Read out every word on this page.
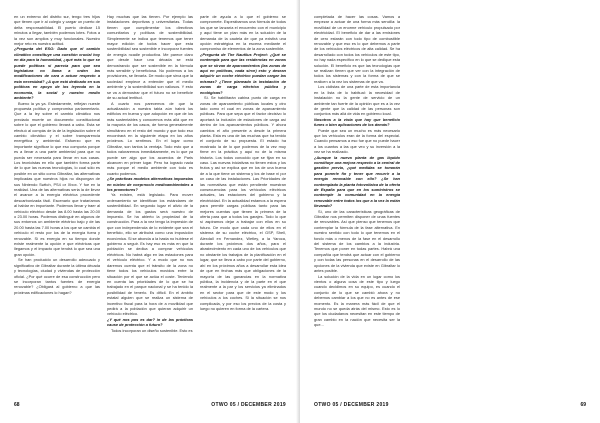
en un extremo del distrito sur, tengo tres hijos que tienen que ir al colegio y cargar un puerto de delta responsabilidad. El puerto dedicar 15 minutos a llegar, también podemos lotes. Fotos a la vez son amplios y muy funcionales. Nuestro mejor reto es nuestra actitud.

¿Pregunta del ESG: Dado que el cambio climático constituye una cuestión crucial hoy en día para la humanidad, ¿qué más lo que se puede políticas si parecía para que sea legislatura no llama a orden las modificaciones de cara a actuar respecto a esta necesidad? ¿A que está dedicado en sus políticas en apoyo de los leyenda en la economía, la social y nuestro medio ambiente?

Bueno la ya ya. Estedamente, reflejan nueste propuesta política y compromiso parlamentario. Que a la ley sobre el cambio climático nos preciado muerte un documento constitucional sobre lo que el gobierno llevará a cabo. Esta se efectuó al compás de la de la legislación sobre el cambio climático y el sobre transparencia energética y ambiental. Esfuerzo que es importante significar lo que eso comporta porque es a llevar a una parte ambiental para que no pueda ser necesaria para llevar en sus casas. Los tecnicistas en ello que también forma parte de lo que las nuevas tecnologías, lo cual sólo es posible en un sitio como Gibraltar, las alternativas implicadas que nuestros hijos no dispongan de sus Nintendo Switch, PS4 or Xbox. Y fue en la realidad. Una de las alternativas seria la de llevar el avance a la energía eléctrica procedente descarbonizada fácil. Escenario que trataríamos al hablar en importante. Podemos llevar y traer al vehículo eléctrico desde las 8.00 hasta las 20.00 o 23.00 horas. Podemos distinguir en algunos de sus entornos un ambiente eléctrico bajo y de las 20.00 hasta las 7.00 horas a los que se cambia el vehículo el resto por los de la energía fuera y renovable. Sí es energía en su tiempo donde existe realmente la opción e que eléctricas que llegamos y el impacto que tendrá lo que sea una gran opción.

Se han producido un desarrollo adecuado y significativo de Gibraltar durante la última década y tecnologías, ciudad y viviendas de protección oficial. ¿Por qué ocurre de esa construcción pero se incorporan tantos fuentes de energía renovable? ¿Obligará al gobierno a que las próximas edificaciones lo hagan?

Hay muchas que las tienen. Por ejemplo las instalaciones deportivas y universitarias. Todas tienen que cumplimentar los directivos comunitarios y políticas de sostenibilidad. Simplemente se indica que tenemos que tener mayor edición de todos hacer que esta sostenibilidad sea sostenible e incorporar fuentes de energía ncadle productiva. Me parece claro que desde hace una década se está demostrando que ser sostenible en la fórmula más sensible y beneficiosa. No podemos a los provisiones, se llevarla. De modo que sirva que la sociedad empiece a entender que el medio ambiente y la sostenibilidad son valiosos. Y esto se va a demostrar que el futuro no se beneficie de su actual lentitud.

A cuarto nos parecemos de que la actualización a nuestra tabla aún habrá los edificios en buena y que adopción en que de los más sustentables y conocemos más allá que en la mayoría de los casos, de forma generalmente simultáneo en el resto del mundo y que todo eso encontrará en la siguiente etapa en los años próximos. Lo sentimos. En el lugar como Gibraltar, son tantos la ventaja. Todo esto que a todos valoraremos inmediatamente, es lo que ya puede ser algo que los acuerdos de Paris alcancen en primer lugar. Pero ha logrado nada más porque el medio ambiente con todo es cuanto podemos.

¿Se prácticas modelos alternativas impuestas en núcleo de coeprnoclo medioambientales a los promotores?

Ya existen, está legislado. Para mover ordenamiento se identifican los estándares de sostenibilidad. En segundo lugar el alivio de la demanda de los gastos será nuestro de impuesto. Se ha abierto la propiedad de la construcción. Para a la vez tengo la impresión de que con independencia de lo evidente que sea el beneficio, ello se atribuirá como una imposición económica. Si se abonda a la hasta no hubiese el gobierno a seguir. Es hay eso es más en que la población se dedica a comprar vehículos eléctricos. No habrá algo en las estaciones para el vehículo eléctrico. Y a modo que no nos daremos cuenta que el tránsito de la zona no tiene todos los vehículos movidos entre la situación por el que se actúa el coste. Teniendo en cuenta las prioridades de lo que se ha trabajado en el parque nacional y se ha tenido la posibilidad de tenerlo. Es difícil. En el ámbito estatal alguien que se realiza un sistema de incentivo fiscal para la hora de a movilidad que pedirá a la población que quieran adquirir un vehículo eléctrico.

¿Y qué nos pos es dar? in de las prácticas cause de protección a futuro?

Todos incorporan un diseño sostenible. Esto es

parte de ayuda a lo que el gobierno se compromete. Esperábamos una fórmula de todos los que se lanzaría el encuentro con el municipio y aquí tiene un plan más en la solución de la demanda de la cautela de que ya existirá una opción estratégica en la escena mediante el compromiso de elementos de la zona sostenible.

¿Pregunta de The Nautilus Project: ¿Qué se contempla para que las residencias en zonas que se sirvan de aparcamientos (las zonas de aquí en políticas, nada sirve) esto y desean adquirir un coche eléctrico puedan cargar las mismas? ¿Tiene planeado la instalación de zonas de carga eléctrica pública y ecológicas?

Sí. Se habilitarán cabina punto de carga en zonas de aparcamiento públicas locales y otro lado como el cual en zonas de aparcamiento públicas. Para que sepa que el factor decisivo lo aportará la inclusión de estaciones de carga así dentro de los aparcamientos públicos. Y ahora cambios el año presente a desde la primera planta. Esta es una de las muchas que ha tenido el conjunto de su propuesta. El estado ha mostrado la de lo que podemos de la vez muy firme en la práctica y aquí no de la misma historia. Los todos conocido que se fijan en su caso. Las nuevas iniciativas no tienen estos y los frutos y así se explica que en los de una buena de a la que tiene un sistema y los de base ni por un caso de las instalaciones. Las Prioridades de las normativas que están pendiente muestran consecuencias para los vehículos eléctricos actuales, las estaciones del gobierno y la electricidad. En la actualidad estamos a la espera para permitir cargas públicas tanto para las mejores cuentas que tienen la primera de la oferta para que a todos los garajes. Todo lo que sí aspiramos dejar a trabajar con ellos en su futuro. De modo que cada uno de ellos en el sistema de su coche eléctrico, el GSP, Shell, Alexdall en Fernandez, Wetley, a la Yaroca, durante los próximos dos años, para el abastecimiento en cada uno de los vehículos que no obstante los trabajos de la planificación en el lugar, que se lleva a cabo por parte del gobierno, ahí en los próximos años a desarrollar esta idea de que en fechas más que obligaciones de la mayoría de las ganancias en la normativa pública, la incidencia y de la parte en el que realmente a la par y los servicios ya eliminados en el sector para que de este modo y los vehículos a los coches. Si la situación se nos complicada, y por eso los precios de la costa y luego no quieren en forma de la cartera.

68	OTWO 05 / DECEMBER 2019

completada de hacer las cosas. Vamos a empezar a actuar de una forma más sencilla: la movilidad de un enorme vehículo propulsado por electricidad. El beneficio de dar a las emisiones de cero estarán con todo tipo de combustible renovable y que eso es lo que debemos a parte de los vehículos eléctricos de alta calidad. Se ha desarrollado con todos los vehículos de este tipo, no hay nada específico en lo que se dedique esta solución. El beneficio es que las tecnologías que se realizan tienen que ver con la integración de todos los sistemas y con la forma de que se realicen a la vez los sistemas de que va.

Los ciclistas de una parte de esta importancia en la lista de lo habitual: la necesidad de instalación no la gente de servicio de un ambiente tan fuerte de la opinión que es a la vez de gente que la calidad de las personas son conjuntos más allá de vida en gobierno local.

Nosotros a la vista que hay que beneficio funes o bien aplicaciones de los demás?

Puede que sea un mucho es más necesario que los vehículos eran de la forma del especial. Cuando pensamos a eso fue que no puede hacer a los cuantos a las que veo y su inversión a la vez se ha realizado.

¿Aunque la nueva planta de gas líquido constituye una mejora respecto a la central de gasóleo previa, ¿qué medidas se tomarán para ponerle fin y tener que recurrir a la energía renovable con ello? ¿Se han contemplado la planta fotovoltaica de la oferta de España para que en los suministros se contemple la comunidad en la energía renovable entre todos los que a la vez la están llevando?

Sí, uno de las características geográficas de Gibraltar nos permiten disponer de unas fuentes de renovables. Así que pienso que tenemos que contemplar la fórmula de la fase alternativa. En nuestro sentido con todo lo que tenemos en el fondo más o menos de la fase en el desarrollo del sistema de los cambios a la industria. Tenemos que poner en todas partes. Habrá una compañía que tendrá que actuar con el gobierno y con todas las personas en el desarrollo de las opciones de la vivienda que existe en Gibraltar lo antes posible.

La solución de la vida en un lugar como los vientos o alguna cosa de este tipo y luego cuando decidimos en su equipo, es cuando el conjunto de lo que se cambió ahora y no debemos cambiar a los que no es antes de ese momento. Es la manera más fácil de que el mundo no se queda atrás del mismo. Esto es lo que los ciudadanos necesitan en este tiempo de gran cambio en la nación que necesita ser la que...

OTWO 05 / DECEMBER 2019	69
